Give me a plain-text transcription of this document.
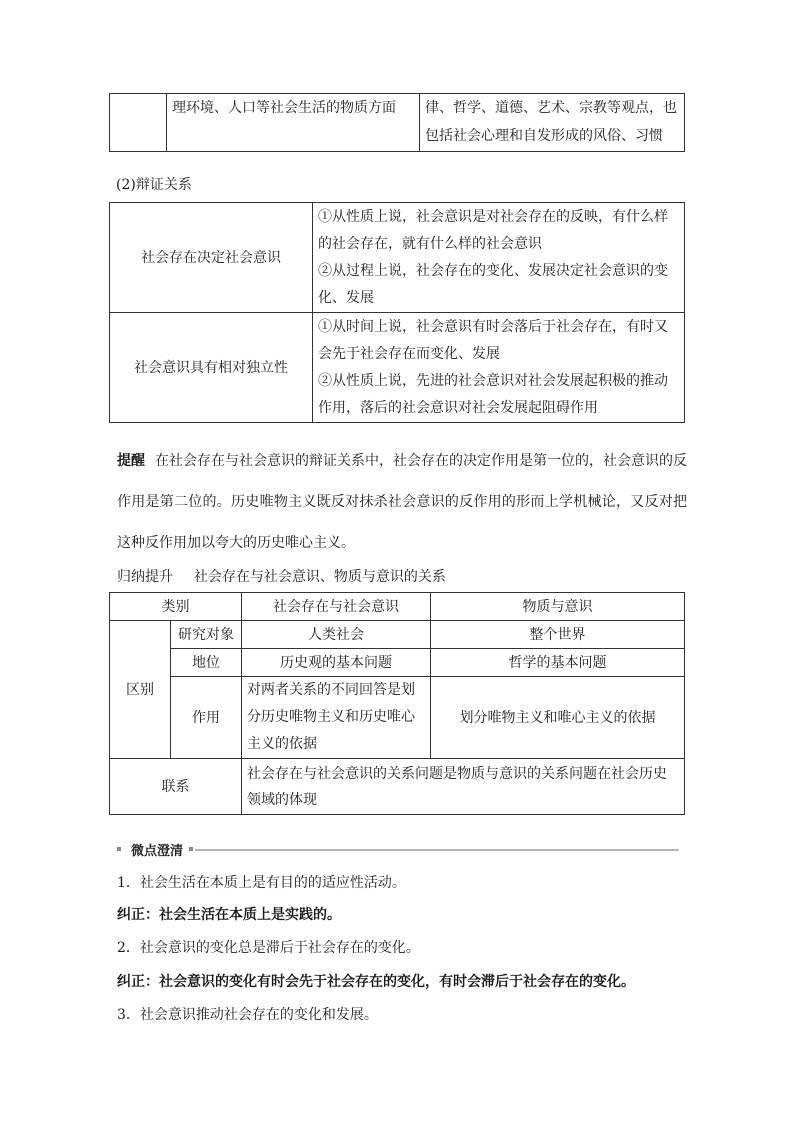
	理环境、人口等社会生活的物质方面	律、哲学、道德、艺术、宗教等观点，也包括社会心理和自发形成的风俗、习惯
(2)辩证关系
社会存在决定社会意识	①从性质上说，社会意识是对社会存在的反映，有什么样的社会存在，就有什么样的社会意识
②从过程上说，社会存在的变化、发展决定社会意识的变化、发展

社会意识具有相对独立性	①从时间上说，社会意识有时会落后于社会存在，有时又会先于社会存在而变化、发展
②从性质上说，先进的社会意识对社会发展起积极的推动作用，落后的社会意识对社会发展起阻碍作用
提醒 在社会存在与社会意识的辩证关系中，社会存在的决定作用是第一位的，社会意识的反作用是第二位的。历史唯物主义既反对抹杀社会意识的反作用的形而上学机械论，又反对把这种反作用加以夸大的历史唯心主义。
归纳提升 社会存在与社会意识、物质与意识的关系
类别		社会存在与社会意识	物质与意识
区别	研究对象	人类社会	整个世界
	地位	历史观的基本问题	哲学的基本问题
	作用	对两者关系的不同回答是划分历史唯物主义和历史唯心主义的依据	划分唯物主义和唯心主义的依据
联系		社会存在与社会意识的关系问题是物质与意识的关系问题在社会历史领域的体现	
微点澄清
1．社会生活在本质上是有目的的适应性活动。
纠正：社会生活在本质上是实践的。
2．社会意识的变化总是滞后于社会存在的变化。
纠正：社会意识的变化有时会先于社会存在的变化，有时会滞后于社会存在的变化。
3．社会意识推动社会存在的变化和发展。
